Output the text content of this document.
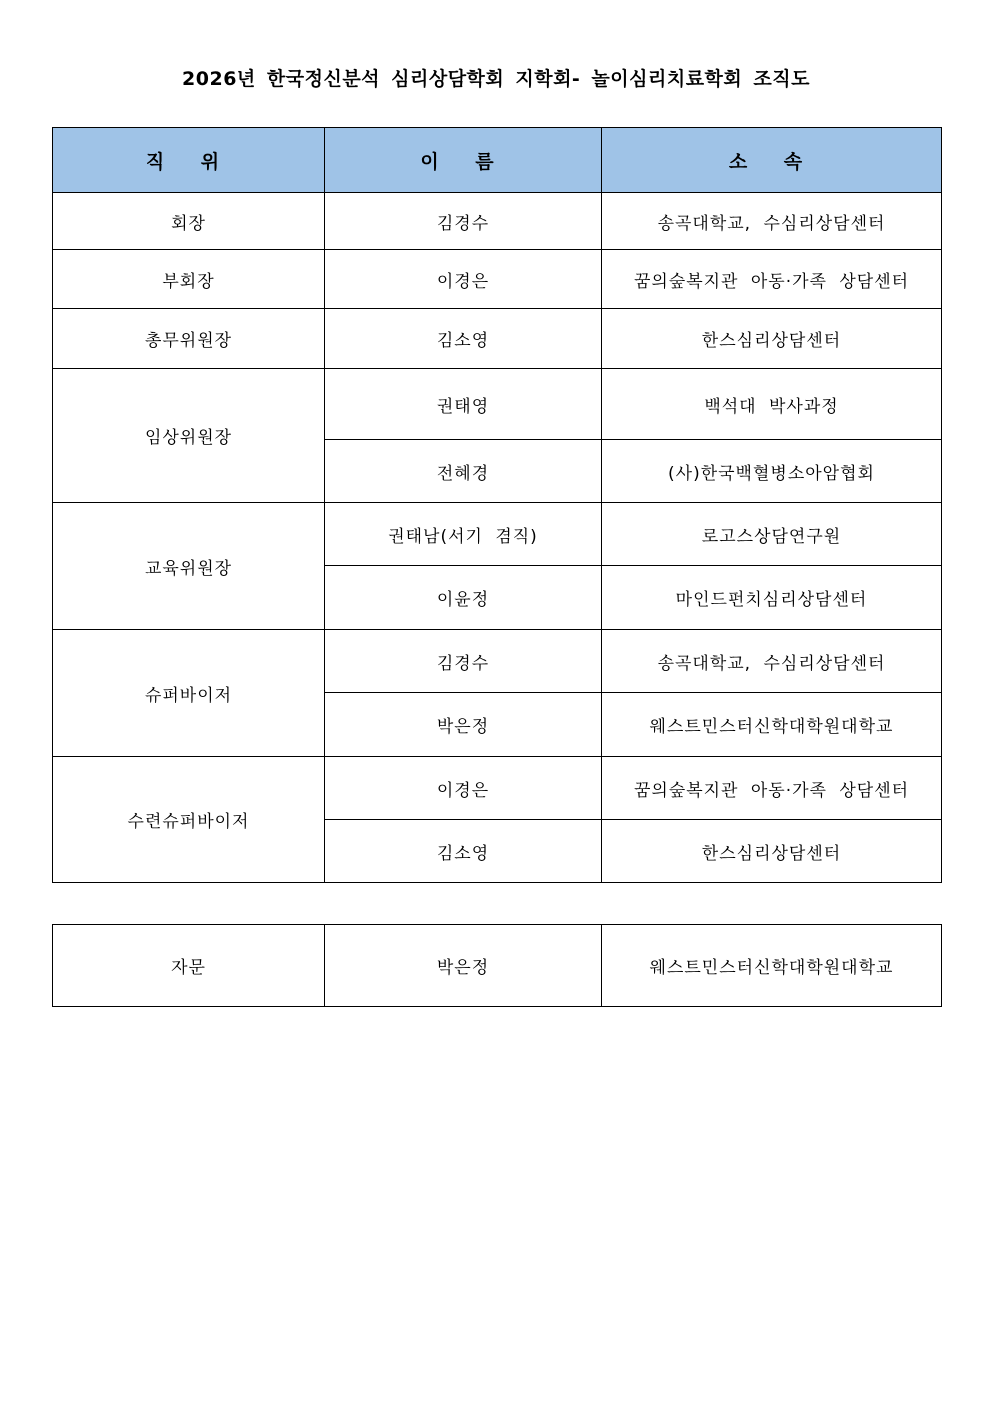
2026년 한국정신분석 심리상담학회 지학회- 놀이심리치료학회 조직도
직 위	이 름	소 속
회장	김경수	송곡대학교, 수심리상담센터
부회장	이경은	꿈의숲복지관 아동·가족 상담센터
총무위원장	김소영	한스심리상담센터
임상위원장	권태영	백석대 박사과정
	전혜경	(사)한국백혈병소아암협회
교육위원장	권태남(서기 겸직)	로고스상담연구원
	이윤정	마인드펀치심리상담센터
슈퍼바이저	김경수	송곡대학교, 수심리상담센터
	박은정	웨스트민스터신학대학원대학교
수련슈퍼바이저	이경은	꿈의숲복지관 아동·가족 상담센터
	김소영	한스심리상담센터
자문	박은정	웨스트민스터신학대학원대학교
